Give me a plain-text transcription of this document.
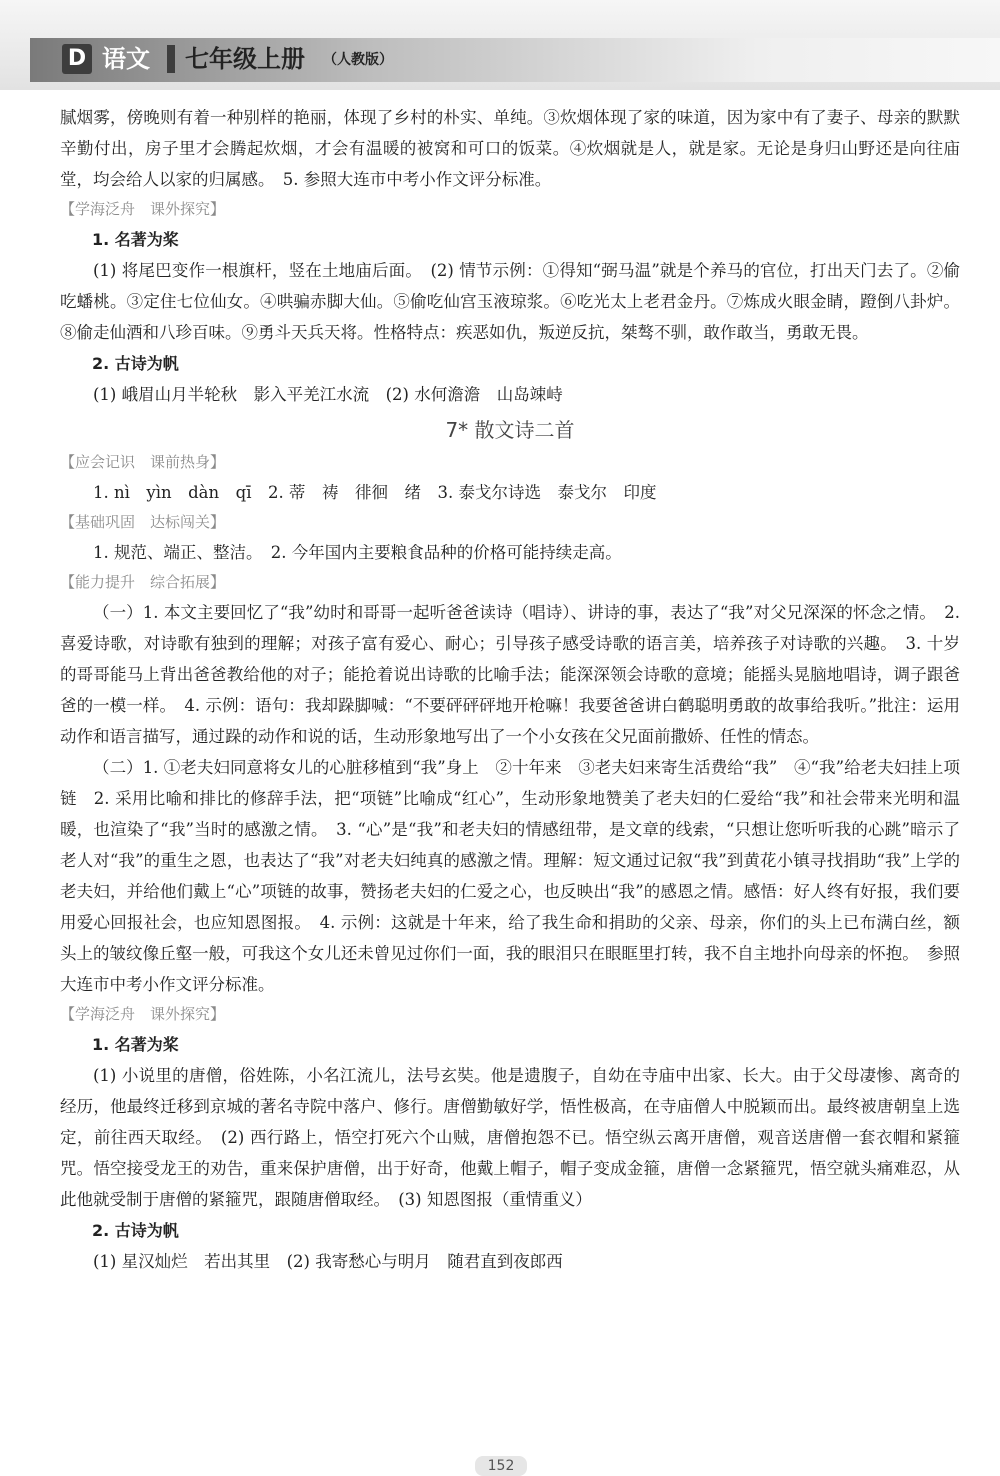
D 语文 七年级上册 （人教版）

腻烟雾，傍晚则有着一种别样的艳丽，体现了乡村的朴实、单纯。③炊烟体现了家的味道，因为家中有了妻子、母亲的默默辛勤付出，房子里才会腾起炊烟，才会有温暖的被窝和可口的饭菜。④炊烟就是人，就是家。无论是身归山野还是向往庙堂，均会给人以家的归属感。　5. 参照大连市中考小作文评分标准。

【学海泛舟　课外探究】

1. 名著为桨

(1) 将尾巴变作一根旗杆，竖在土地庙后面。　(2) 情节示例：①得知“弼马温”就是个养马的官位，打出天门去了。②偷吃蟠桃。③定住七位仙女。④哄骗赤脚大仙。⑤偷吃仙宫玉液琼浆。⑥吃光太上老君金丹。⑦炼成火眼金睛，蹬倒八卦炉。⑧偷走仙酒和八珍百味。⑨勇斗天兵天将。性格特点：疾恶如仇，叛逆反抗，桀骜不驯，敢作敢当，勇敢无畏。

2. 古诗为帆

(1) 峨眉山月半轮秋　影入平羌江水流　(2) 水何澹澹　山岛竦峙

7* 散文诗二首

【应会记识　课前热身】

1. nì　yìn　dàn　qī　2. 蒂　祷　徘徊　绪　3. 泰戈尔诗选　泰戈尔　印度

【基础巩固　达标闯关】

1. 规范、端正、整洁。　2. 今年国内主要粮食品种的价格可能持续走高。

【能力提升　综合拓展】

（一）1. 本文主要回忆了“我”幼时和哥哥一起听爸爸读诗（唱诗）、讲诗的事，表达了“我”对父兄深深的怀念之情。　2. 喜爱诗歌，对诗歌有独到的理解；对孩子富有爱心、耐心；引导孩子感受诗歌的语言美，培养孩子对诗歌的兴趣。　3. 十岁的哥哥能马上背出爸爸教给他的对子；能抢着说出诗歌的比喻手法；能深深领会诗歌的意境；能摇头晃脑地唱诗，调子跟爸爸的一模一样。　4. 示例：语句：我却跺脚喊：“不要砰砰砰地开枪嘛！我要爸爸讲白鹤聪明勇敢的故事给我听。”批注：运用动作和语言描写，通过跺的动作和说的话，生动形象地写出了一个小女孩在父兄面前撒娇、任性的情态。

（二）1. ①老夫妇同意将女儿的心脏移植到“我”身上　②十年来　③老夫妇来寄生活费给“我”　④“我”给老夫妇挂上项链　2. 采用比喻和排比的修辞手法，把“项链”比喻成“红心”，生动形象地赞美了老夫妇的仁爱给“我”和社会带来光明和温暖，也渲染了“我”当时的感激之情。　3. “心”是“我”和老夫妇的情感纽带，是文章的线索，“只想让您听听我的心跳”暗示了老人对“我”的重生之恩，也表达了“我”对老夫妇纯真的感激之情。理解：短文通过记叙“我”到黄花小镇寻找捐助“我”上学的老夫妇，并给他们戴上“心”项链的故事，赞扬老夫妇的仁爱之心，也反映出“我”的感恩之情。感悟：好人终有好报，我们要用爱心回报社会，也应知恩图报。　4. 示例：这就是十年来，给了我生命和捐助的父亲、母亲，你们的头上已布满白丝，额头上的皱纹像丘壑一般，可我这个女儿还未曾见过你们一面，我的眼泪只在眼眶里打转，我不自主地扑向母亲的怀抱。　参照大连市中考小作文评分标准。

【学海泛舟　课外探究】

1. 名著为桨

(1) 小说里的唐僧，俗姓陈，小名江流儿，法号玄奘。他是遗腹子，自幼在寺庙中出家、长大。由于父母凄惨、离奇的经历，他最终迁移到京城的著名寺院中落户、修行。唐僧勤敏好学，悟性极高，在寺庙僧人中脱颖而出。最终被唐朝皇上选定，前往西天取经。　(2) 西行路上，悟空打死六个山贼，唐僧抱怨不已。悟空纵云离开唐僧，观音送唐僧一套衣帽和紧箍咒。悟空接受龙王的劝告，重来保护唐僧，出于好奇，他戴上帽子，帽子变成金箍，唐僧一念紧箍咒，悟空就头痛难忍，从此他就受制于唐僧的紧箍咒，跟随唐僧取经。　(3) 知恩图报（重情重义）

2. 古诗为帆

(1) 星汉灿烂　若出其里　(2) 我寄愁心与明月　随君直到夜郎西

152
